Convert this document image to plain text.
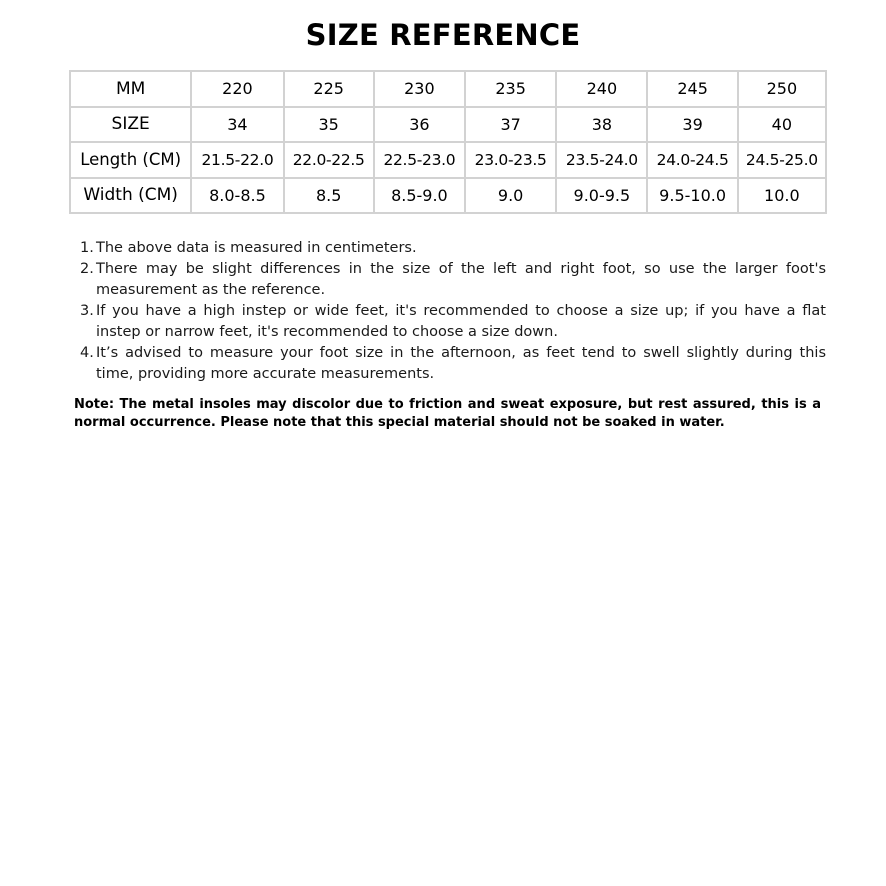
SIZE REFERENCE
MM	220	225	230	235	240	245	250
SIZE	34	35	36	37	38	39	40
Length (CM)	21.5-22.0	22.0-22.5	22.5-23.0	23.0-23.5	23.5-24.0	24.0-24.5	24.5-25.0
Width (CM)	8.0-8.5	8.5	8.5-9.0	9.0	9.0-9.5	9.5-10.0	10.0
1. The above data is measured in centimeters.
2. There may be slight differences in the size of the left and right foot, so use the larger foot's measurement as the reference.
3. If you have a high instep or wide feet, it's recommended to choose a size up; if you have a flat instep or narrow feet, it's recommended to choose a size down.
4. It’s advised to measure your foot size in the afternoon, as feet tend to swell slightly during this time, providing more accurate measurements.

Note: The metal insoles may discolor due to friction and sweat exposure, but rest assured, this is a normal occurrence. Please note that this special material should not be soaked in water.
